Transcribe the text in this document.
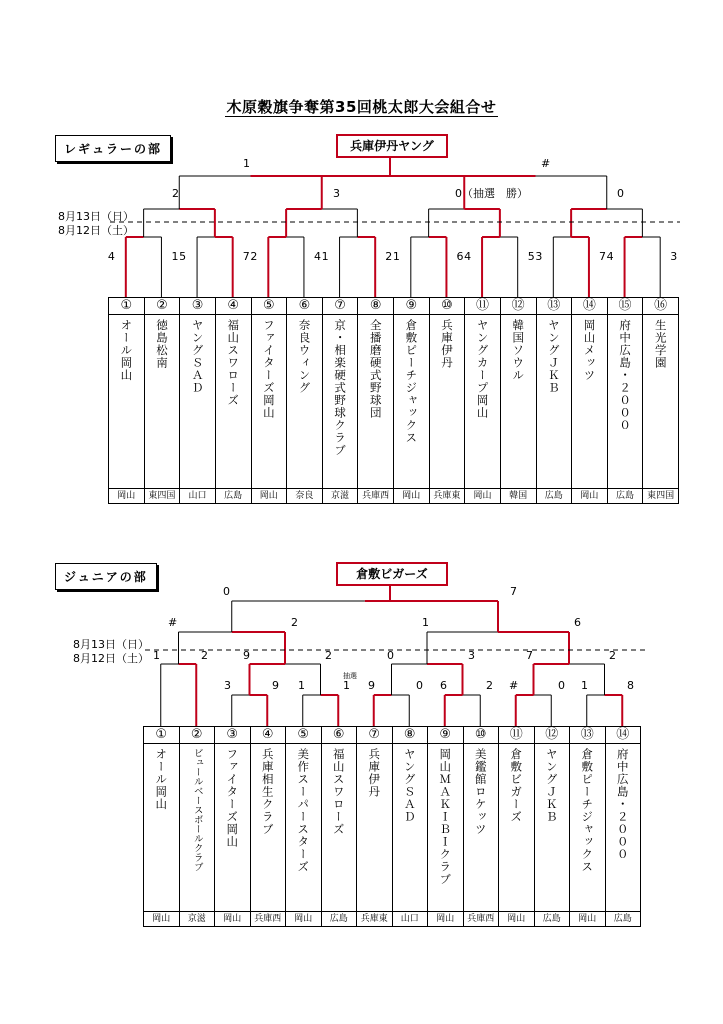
木原穀旗争奪第35回桃太郎大会組合せ
レギュラーの部	兵庫伊丹ヤング
8月13日（日）
8月12日（土）
①	②	③	④	⑤	⑥	⑦	⑧	⑨	⑩	⑪	⑫	⑬	⑭	⑮	⑯
オール岡山	徳島松南	ヤングＳＡＤ	福山スワローズ	ファイターズ岡山	奈良ウィング	京・相楽硬式野球クラブ	全播磨硬式野球団	倉敷ピーチジャックス	兵庫伊丹	ヤングカープ岡山	韓国ソウル	ヤングＪＫＢ	岡山メッツ	府中広島・２０００	生光学園
岡山	東四国	山口	広島	岡山	奈良	京滋	兵庫西	岡山	兵庫東	岡山	韓国	広島	岡山	広島	東四国
ジュニアの部	倉敷ビガーズ
8月13日（日）
8月12日（土）
①	②	③	④	⑤	⑥	⑦	⑧	⑨	⑩	⑪	⑫	⑬	⑭
オール岡山	ビュールベースボールクラブ	ファイターズ岡山	兵庫相生クラブ	美作スーパースターズ	福山スワローズ	兵庫伊丹	ヤングＳＡＤ	岡山ＭＡＫＩＢＩクラブ	美鑑館ロケッツ	倉敷ビガーズ	ヤングＪＫＢ	倉敷ピーチジャックス	府中広島・２０００
岡山	京滋	岡山	兵庫西	岡山	広島	兵庫東	山口	岡山	兵庫西	岡山	広島	岡山	広島
4	1 5	7 2	4 1	2 1	6 4	5 3	7 4	3
2	3	0（抽選　勝）	0
1	#
0	7
#	2	1	6
1	2	9	2	0	3	7	2
3	9 1	1 9	0 6	2 #	0 1	8
抽選
